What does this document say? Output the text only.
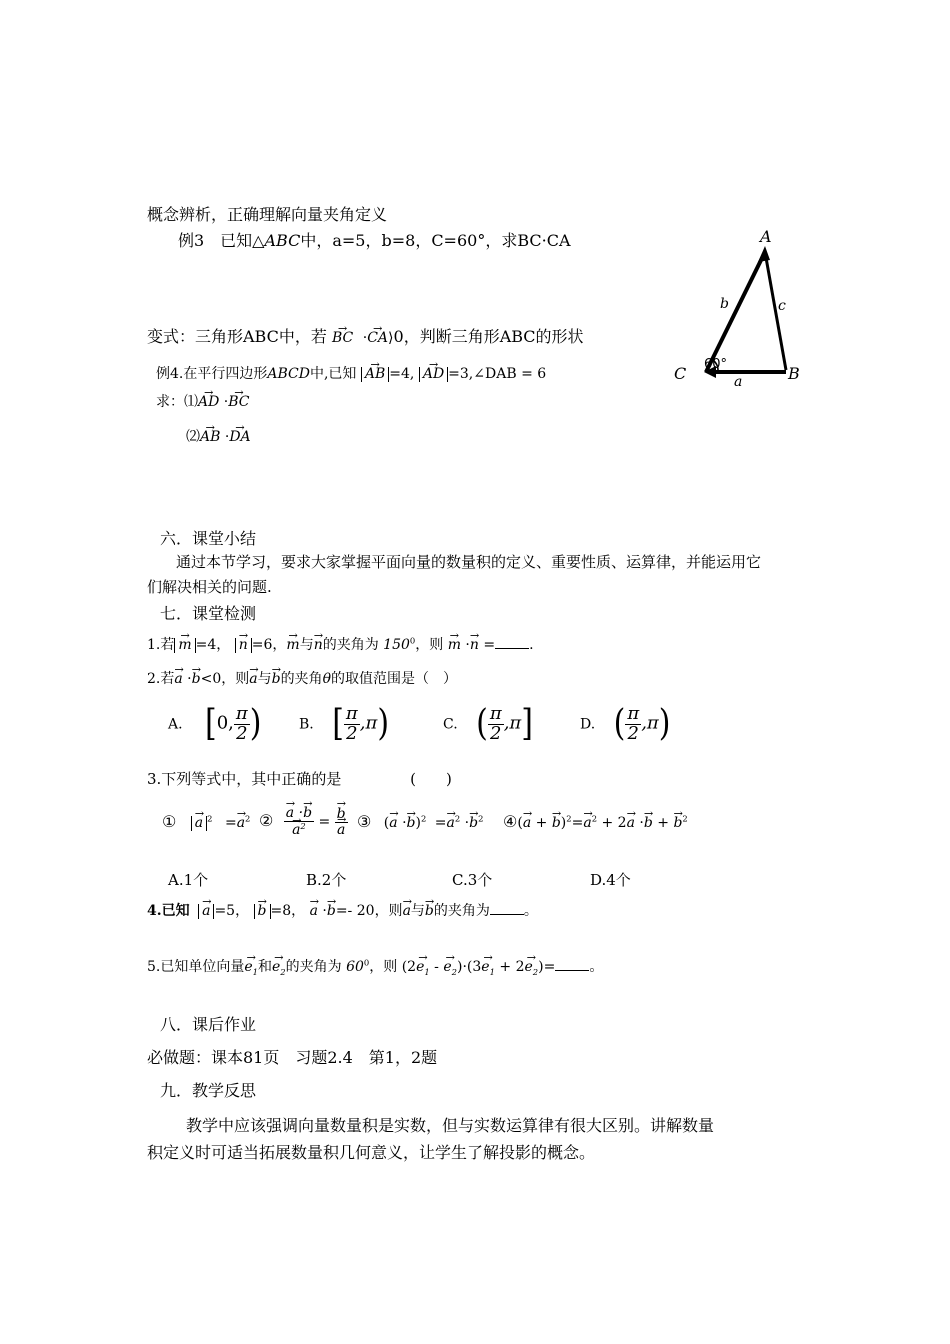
概念辨析，正确理解向量夹角定义
例3　已知△ABC中，a=5，b=8，C=60°，求BC·CA	A
B
C
b	c
a
60°
变式：三角形ABC中，若 → BC  ·→ CA⟩0，判断三角形ABC的形状
例4.在平行四边形ABCD中,已知 → AB =4, → AD =3,∠DAB = 6
求：⑴→ AD ·→ BC
⑵→ AB ·→ DA
六．课堂小结
通过本节学习，要求大家掌握平面向量的数量积的定义、重要性质、运算律，并能运用它
们解决相关的问题.
七．课堂检测
1.若 → m =4， → n =6，→ m与→ n的夹角为 $150^0$，则 → m ·→ n = .
2.若→ a ·→ b<0，则→ a与→ b的夹角θ的取值范围是（　）
A. [0, $\frac{\pi}{2}$ )	B. [ $\frac{\pi}{2} ,\pi$)	C. ( $\frac{\pi}{2} ,\pi$]	D. ( $\frac{\pi}{2} ,\pi$)
3.下列等式中，其中正确的是	(　　)
① → a $^2 =\to a^2$ ② → a ·→ b
→ $a^2$ = → b
→ a ③ (→ $a \cdot\to b)^2 =\to a^2 \cdot\to b^2$ ④(→ a + → $b)^2=\to a^2 + 2\to a \cdot\to b$ + → $b^2$
A.1个	B.2个	C.3个	D.4个
4.已知 → a =5， → b =8， → a ·→ b=- 20，则→ a与→ b的夹角为 。
5.已知单位向量→ $e_1$和→ $e_2$的夹角为 $60^0$，则 ($2\to e_1$ - → $e_2)\cdot(3\to e_1 + 2\to e_2)=$ 。
八．课后作业
必做题：课本81页　习题2.4　第1，2题
九．教学反思
教学中应该强调向量数量积是实数，但与实数运算律有很大区别。讲解数量
积定义时可适当拓展数量积几何意义，让学生了解投影的概念。
